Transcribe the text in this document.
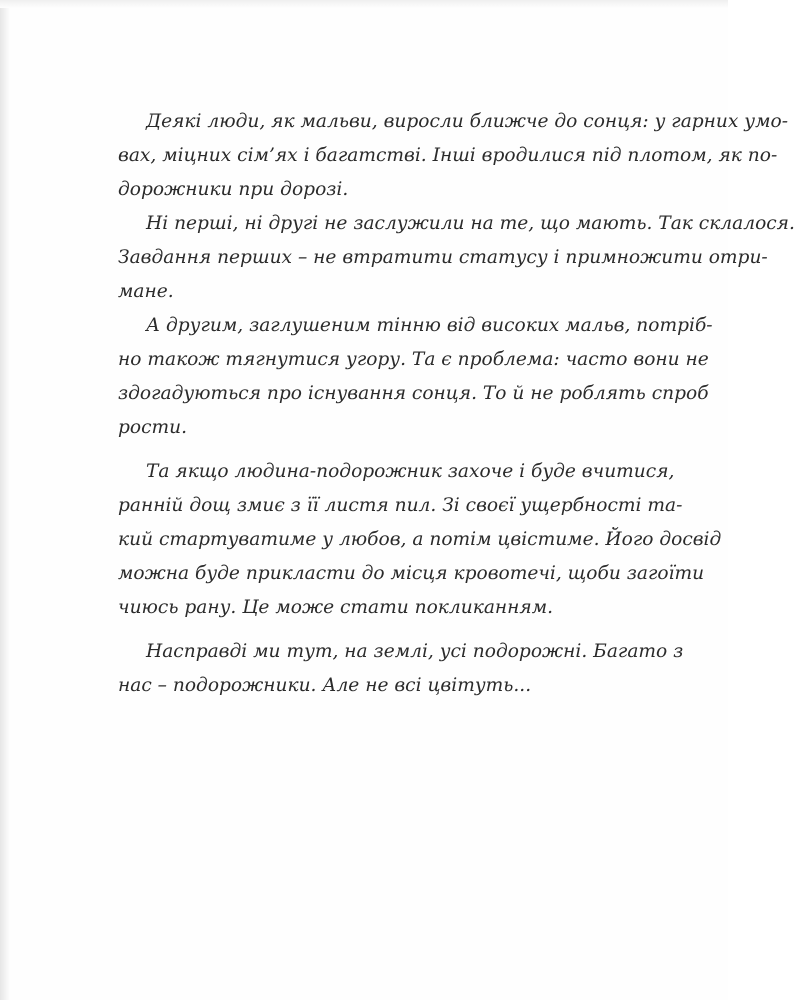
Деякі люди, як мальви, виросли ближче до сонця: у гарних умо-
вах, міцних сім’ях і багатстві. Інші вродилися під плотом, як по-
дорожники при дорозі.
Ні перші, ні другі не заслужили на те, що мають. Так склалося.
Завдання перших – не втратити статусу і примножити отри-
мане.
А другим, заглушеним тінню від високих мальв, потріб-
но також тягнутися угору. Та є проблема: часто вони не
здогадуються про існування сонця. То й не роблять спроб
рости.
Та якщо людина-подорожник захоче і буде вчитися,
ранній дощ змиє з її листя пил. Зі своєї ущербності та-
кий стартуватиме у любов, а потім цвістиме. Його досвід
можна буде прикласти до місця кровотечі, щоби загоїти
чиюсь рану. Це може стати покликанням.
Насправді ми тут, на землі, усі подорожні. Багато з
нас – подорожники. Але не всі цвітуть...
